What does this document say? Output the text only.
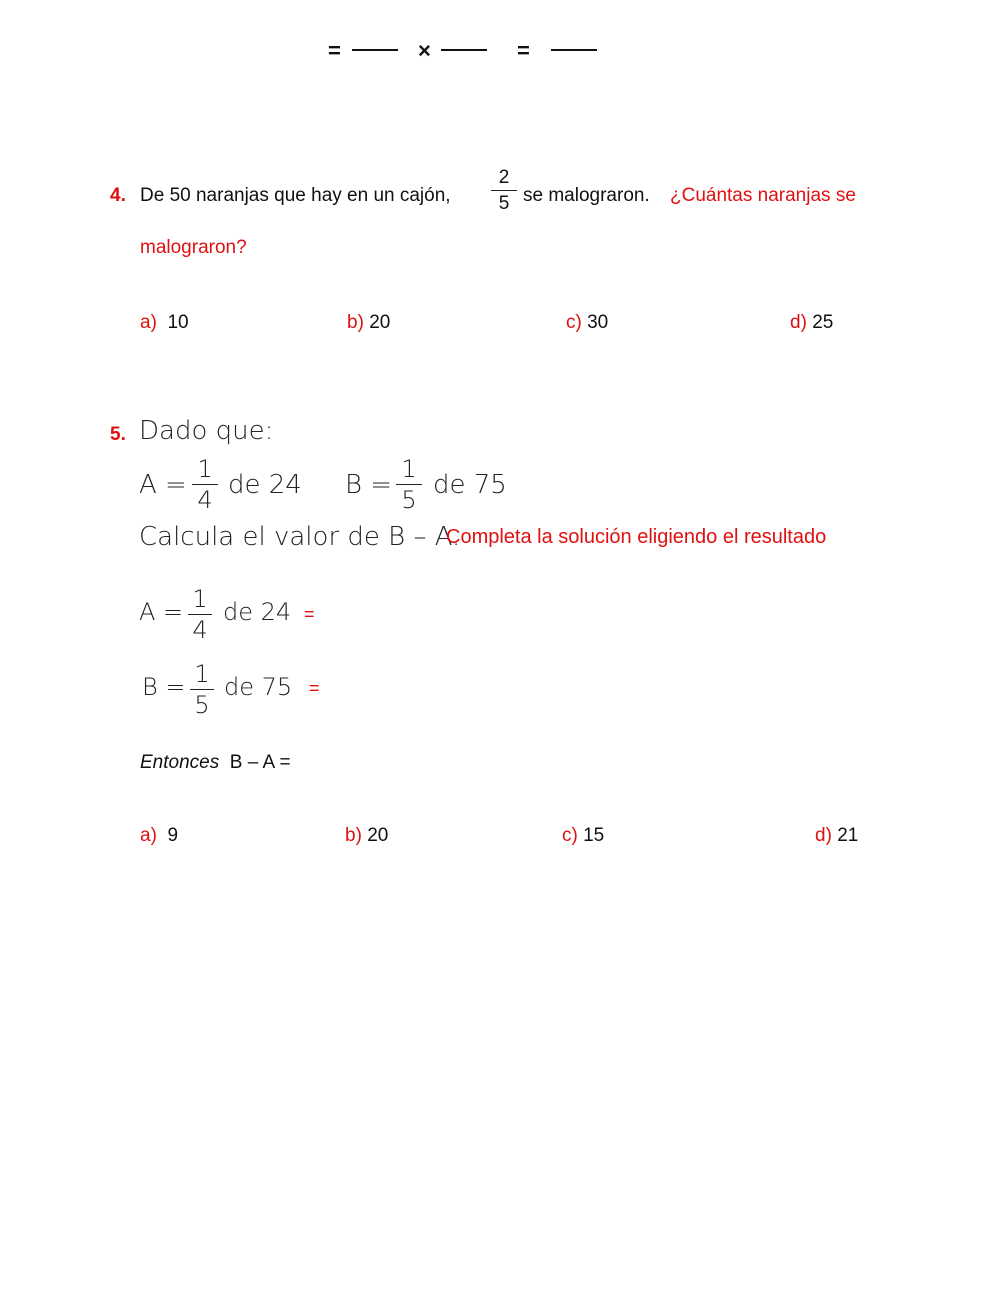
=	×	=
4. De 50 naranjas que hay en un cajón,
2
5 se malograron. ¿Cuántas naranjas se
malograron?
a) 10	b) 20	c) 30	d) 25
5. Dado que:
A =
1
4 de 24 B =
1
5 de 75
Calcula el valor de B – A.
Completa la solución eligiendo el resultado
A = 1
4
de 24 =
B = 1
5
de 75 =
Entonces B – A =
a) 9	b) 20	c) 15	d) 21
